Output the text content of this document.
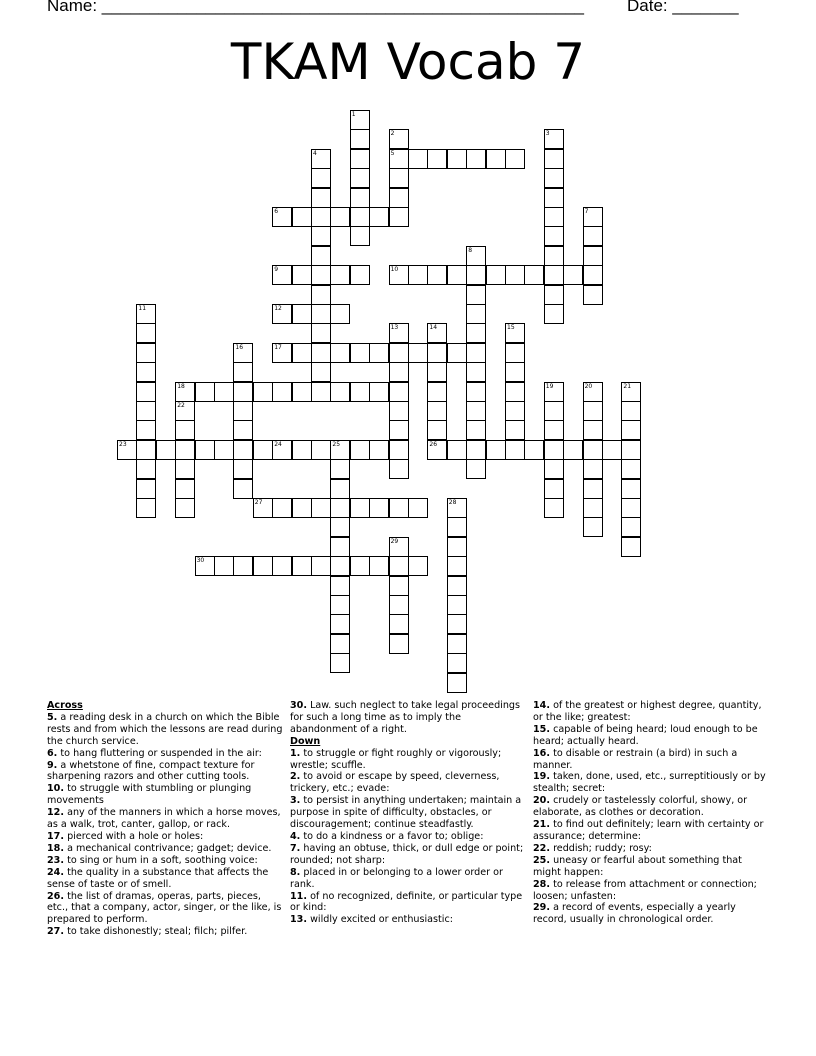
Name: ___________________________________________________	Date: _______
TKAM Vocab 7
5
6
9	10
12
17
18
23	24	26
27
30
1
2	3
4
7
8
11
13	14	15
16
19	20	21
22
25
28
29

Across

5. a reading desk in a church on which the Bible rests and from which the lessons are read during the church service.

6. to hang fluttering or suspended in the air:

9. a whetstone of fine, compact texture for sharpening razors and other cutting tools.

10. to struggle with stumbling or plunging movements

12. any of the manners in which a horse moves, as a walk, trot, canter, gallop, or rack.

17. pierced with a hole or holes:

18. a mechanical contrivance; gadget; device.

23. to sing or hum in a soft, soothing voice:

24. the quality in a substance that affects the sense of taste or of smell.

26. the list of dramas, operas, parts, pieces, etc., that a company, actor, singer, or the like, is prepared to perform.

27. to take dishonestly; steal; filch; pilfer.

30. Law. such neglect to take legal proceedings for such a long time as to imply the abandonment of a right.

Down

1. to struggle or fight roughly or vigorously; wrestle; scuffle.

2. to avoid or escape by speed, cleverness, trickery, etc.; evade:

3. to persist in anything undertaken; maintain a purpose in spite of difficulty, obstacles, or discouragement; continue steadfastly.

4. to do a kindness or a favor to; oblige:

7. having an obtuse, thick, or dull edge or point; rounded; not sharp:

8. placed in or belonging to a lower order or rank.

11. of no recognized, definite, or particular type or kind:

13. wildly excited or enthusiastic:

14. of the greatest or highest degree, quantity, or the like; greatest:

15. capable of being heard; loud enough to be heard; actually heard.

16. to disable or restrain (a bird) in such a manner.

19. taken, done, used, etc., surreptitiously or by stealth; secret:

20. crudely or tastelessly colorful, showy, or elaborate, as clothes or decoration.

21. to find out definitely; learn with certainty or assurance; determine:

22. reddish; ruddy; rosy:

25. uneasy or fearful about something that might happen:

28. to release from attachment or connection; loosen; unfasten:

29. a record of events, especially a yearly record, usually in chronological order.
